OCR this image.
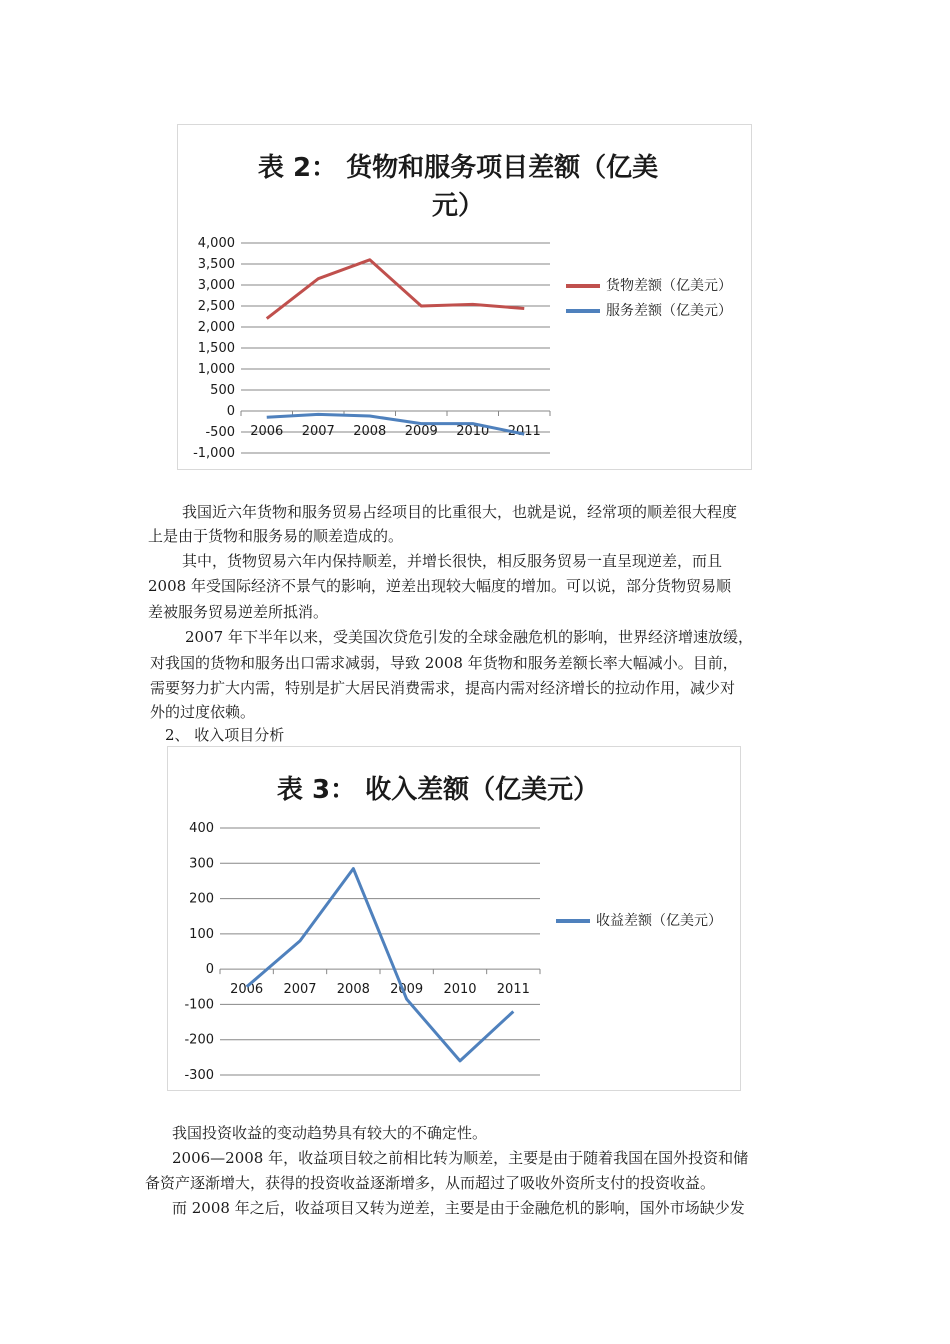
-1,000
-500
0
500
1,000
1,500
2,000
2,500
3,000
3,500
4,000
2006 2007 2008 2009 2010 2011
表 2： 货物和服务项目差额（亿美
元）
货物差额（亿美元）
服务差额（亿美元）
我国近六年货物和服务贸易占经项目的比重很大，也就是说，经常项的顺差很大程度
上是由于货物和服务易的顺差造成的。
其中，货物贸易六年内保持顺差，并增长很快，相反服务贸易一直呈现逆差，而且
2008 年受国际经济不景气的影响，逆差出现较大幅度的增加。可以说，部分货物贸易顺
差被服务贸易逆差所抵消。
2007 年下半年以来，受美国次贷危引发的全球金融危机的影响，世界经济增速放缓，
对我国的货物和服务出口需求减弱，导致 2008 年货物和服务差额长率大幅减小。目前，
需要努力扩大内需，特别是扩大居民消费需求，提高内需对经济增长的拉动作用，减少对
外的过度依赖。
2、 收入项目分析
-300
-200
-100
0
100
200
300
400
2006 2007 2008 2009 2010 2011
表 3： 收入差额（亿美元）
收益差额（亿美元）
我国投资收益的变动趋势具有较大的不确定性。
2006—2008 年，收益项目较之前相比转为顺差，主要是由于随着我国在国外投资和储
备资产逐渐增大，获得的投资收益逐渐增多，从而超过了吸收外资所支付的投资收益。
而 2008 年之后，收益项目又转为逆差，主要是由于金融危机的影响，国外市场缺少发
